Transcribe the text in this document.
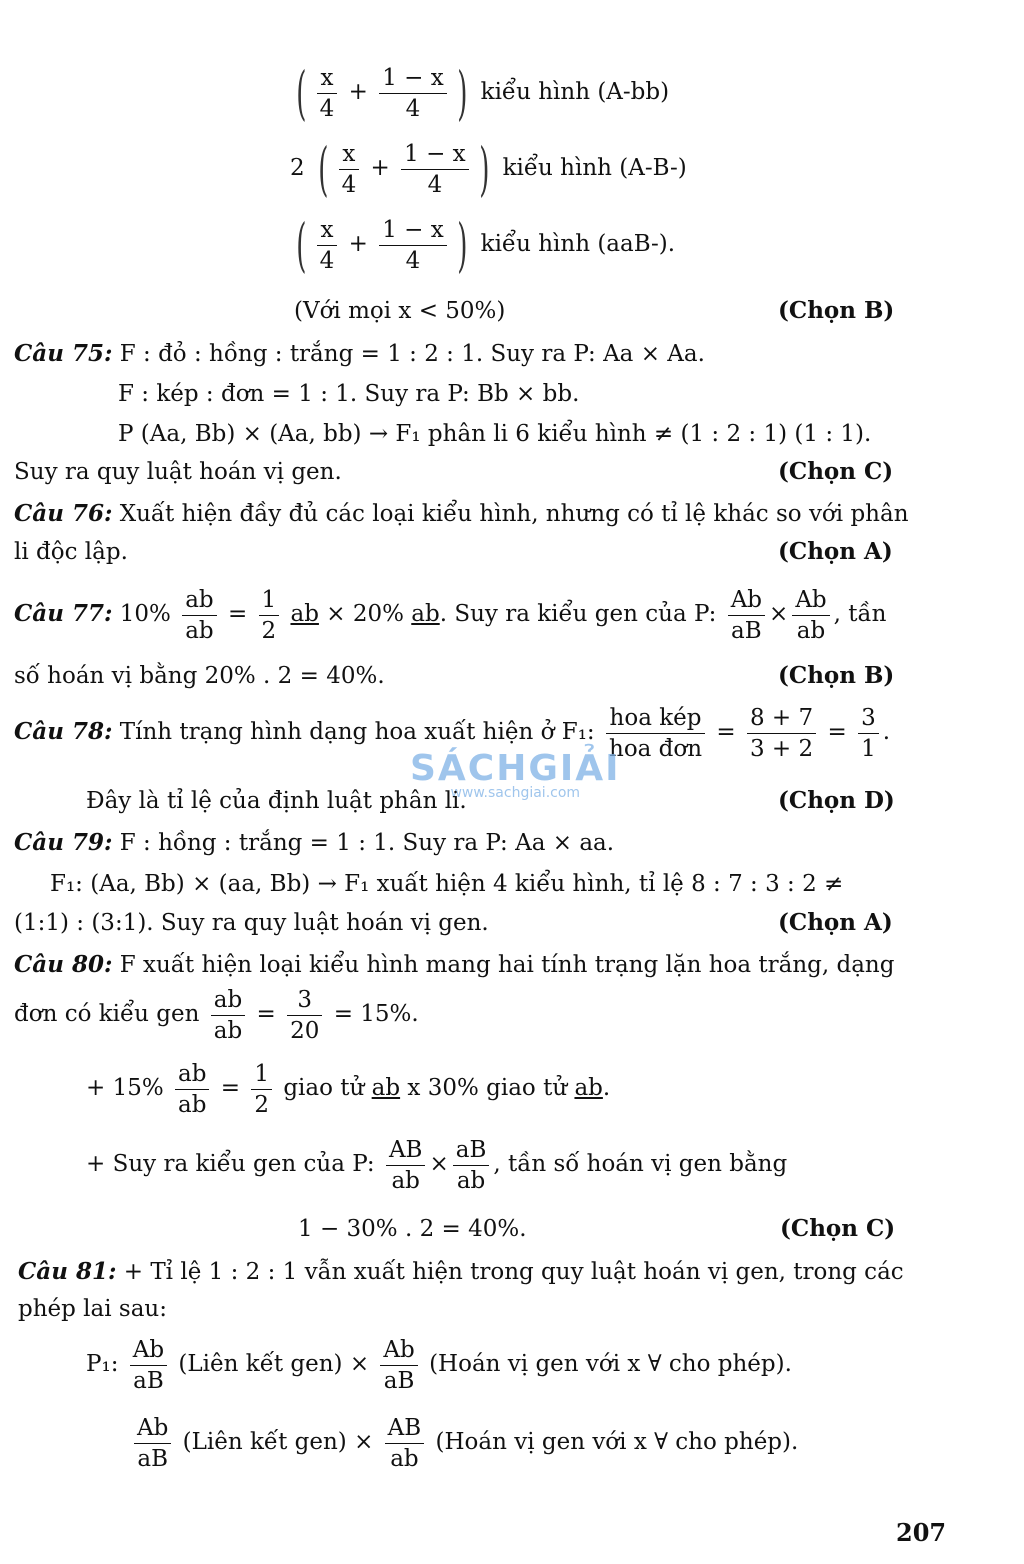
( $\frac{x}{4} + \frac{1 - x}{4}$ ) kiểu hình (A-bb)
2 ( $\frac{x}{4} + \frac{1 - x}{4}$ ) kiểu hình (A-B-)
( $\frac{x}{4} + \frac{1 - x}{4}$ ) kiểu hình (aaB-).
(Với mọi x < 50%)	(Chọn B)
Câu 75: F : đỏ : hồng : trắng = 1 : 2 : 1. Suy ra P: Aa × Aa.
F : kép : đơn = 1 : 1. Suy ra P: Bb × bb.
P (Aa, Bb) × (Aa, bb) → F₁ phân li 6 kiểu hình ≠ (1 : 2 : 1) (1 : 1).
Suy ra quy luật hoán vị gen.	(Chọn C)
Câu 76: Xuất hiện đầy đủ các loại kiểu hình, nhưng có tỉ lệ khác so với phân
li độc lập.	(Chọn A)
Câu 77: $10\% \frac{ab}{ab} = \frac{1}{2}$ ab × 20% ab. Suy ra kiểu gen của P: $\frac{Ab}{aB} \times \frac{Ab}{ab}$ , tần
số hoán vị bằng 20% . 2 = 40%.	(Chọn B)
Câu 78: Tính trạng hình dạng hoa xuất hiện ở F₁: $\frac{\text{hoa kép}}{\text{hoa đơn}} = \frac{8 + 7}{3 + 2} = \frac{3}{1}$ .
SÁCHGIẢI
www.sachgiai.com
Đây là tỉ lệ của định luật phân li.	(Chọn D)
Câu 79: F : hồng : trắng = 1 : 1. Suy ra P: Aa × aa.
F₁: (Aa, Bb) × (aa, Bb) → F₁ xuất hiện 4 kiểu hình, tỉ lệ 8 : 7 : 3 : 2 ≠
(1:1) : (3:1). Suy ra quy luật hoán vị gen.	(Chọn A)
Câu 80: F xuất hiện loại kiểu hình mang hai tính trạng lặn hoa trắng, dạng
đơn có kiểu gen $\frac{ab}{ab} = \frac{3}{20} = 15\%$.
+ $15\% \frac{ab}{ab} = \frac{1}{2}$ giao tử ab x 30% giao tử ab.
+ Suy ra kiểu gen của P: $\frac{AB}{ab} \times \frac{aB}{ab}$ , tần số hoán vị gen bằng
1 − 30% . 2 = 40%.	(Chọn C)
Câu 81: + Tỉ lệ 1 : 2 : 1 vẫn xuất hiện trong quy luật hoán vị gen, trong các
phép lai sau:
P₁: $\frac{Ab}{aB}$ (Liên kết $gen) \times \frac{Ab}{aB}$ (Hoán vị gen với x ∀ cho phép).
$\frac{Ab}{aB}$ (Liên kết $gen) \times \frac{AB}{ab}$ (Hoán vị gen với x ∀ cho phép).
207
